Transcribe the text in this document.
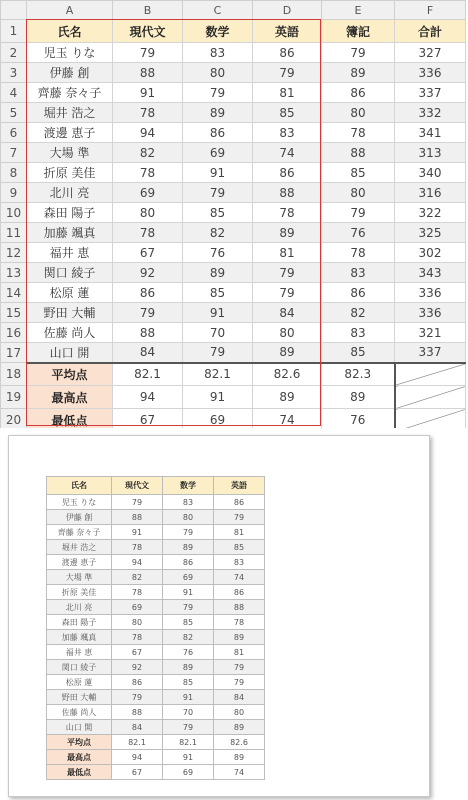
	A	B	C	D	E	F
1	氏名	現代文	数学	英語	簿記	合計
2	児玉 りな	79	83	86	79	327
3	伊藤 創	88	80	79	89	336
4	齊藤 奈々子	91	79	81	86	337
5	堀井 浩之	78	89	85	80	332
6	渡邊 恵子	94	86	83	78	341
7	大場 準	82	69	74	88	313
8	折原 美佳	78	91	86	85	340
9	北川 亮	69	79	88	80	316
10	森田 陽子	80	85	78	79	322
11	加藤 颯真	78	82	89	76	325
12	福井 恵	67	76	81	78	302
13	関口 綾子	92	89	79	83	343
14	松原 蓮	86	85	79	86	336
15	野田 大輔	79	91	84	82	336
16	佐藤 尚人	88	70	80	83	321
17	山口 開	84	79	89	85	337
18	平均点	82.1	82.1	82.6	82.3	
19	最高点	94	91	89	89	
20	最低点	67	69	74	76	
氏名	現代文	数学	英語
児玉 りな	79	83	86
伊藤 創	88	80	79
齊藤 奈々子	91	79	81
堀井 浩之	78	89	85
渡邊 恵子	94	86	83
大場 準	82	69	74
折原 美佳	78	91	86
北川 亮	69	79	88
森田 陽子	80	85	78
加藤 颯真	78	82	89
福井 恵	67	76	81
関口 綾子	92	89	79
松原 蓮	86	85	79
野田 大輔	79	91	84
佐藤 尚人	88	70	80
山口 開	84	79	89
平均点	82.1	82.1	82.6
最高点	94	91	89
最低点	67	69	74
